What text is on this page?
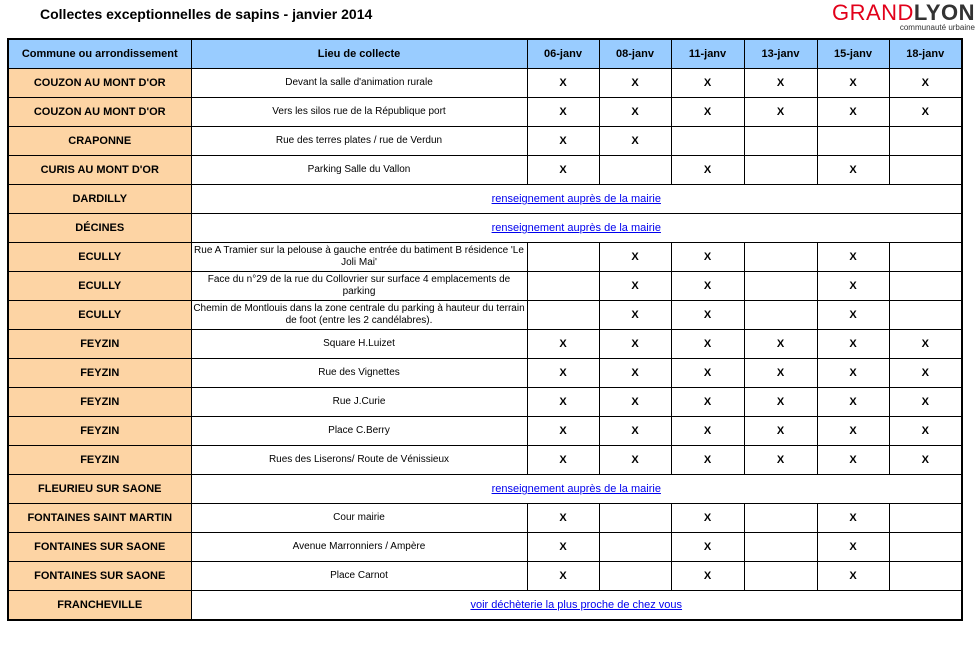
Collectes exceptionnelles de sapins - janvier 2014	GRANDLYON
communauté urbaine
Commune ou arrondissement	Lieu de collecte	06-janv	08-janv	11-janv	13-janv	15-janv	18-janv
COUZON AU MONT D'OR	Devant la salle d'animation rurale	X	X	X	X	X	X
COUZON AU MONT D'OR	Vers les silos rue de la République port	X	X	X	X	X	X
CRAPONNE	Rue des terres plates / rue de Verdun	X	X				
CURIS AU MONT D'OR	Parking Salle du Vallon	X		X		X	
DARDILLY	renseignement auprès de la mairie						
DÉCINES	renseignement auprès de la mairie						
ECULLY	Rue A Tramier sur la pelouse à gauche entrée du batiment B résidence 'Le Joli Mai'		X	X		X	
ECULLY	Face du n°29 de la rue du Collovrier sur surface 4 emplacements de parking		X	X		X	
ECULLY	Chemin de Montlouis dans la zone centrale du parking à hauteur du terrain de foot (entre les 2 candélabres).		X	X		X	
FEYZIN	Square H.Luizet	X	X	X	X	X	X
FEYZIN	Rue des Vignettes	X	X	X	X	X	X
FEYZIN	Rue J.Curie	X	X	X	X	X	X
FEYZIN	Place C.Berry	X	X	X	X	X	X
FEYZIN	Rues des Liserons/ Route de Vénissieux	X	X	X	X	X	X
FLEURIEU SUR SAONE	renseignement auprès de la mairie						
FONTAINES SAINT MARTIN	Cour mairie	X		X		X	
FONTAINES SUR SAONE	Avenue Marronniers / Ampère	X		X		X	
FONTAINES SUR SAONE	Place Carnot	X		X		X	
FRANCHEVILLE	voir déchèterie la plus proche de chez vous						
